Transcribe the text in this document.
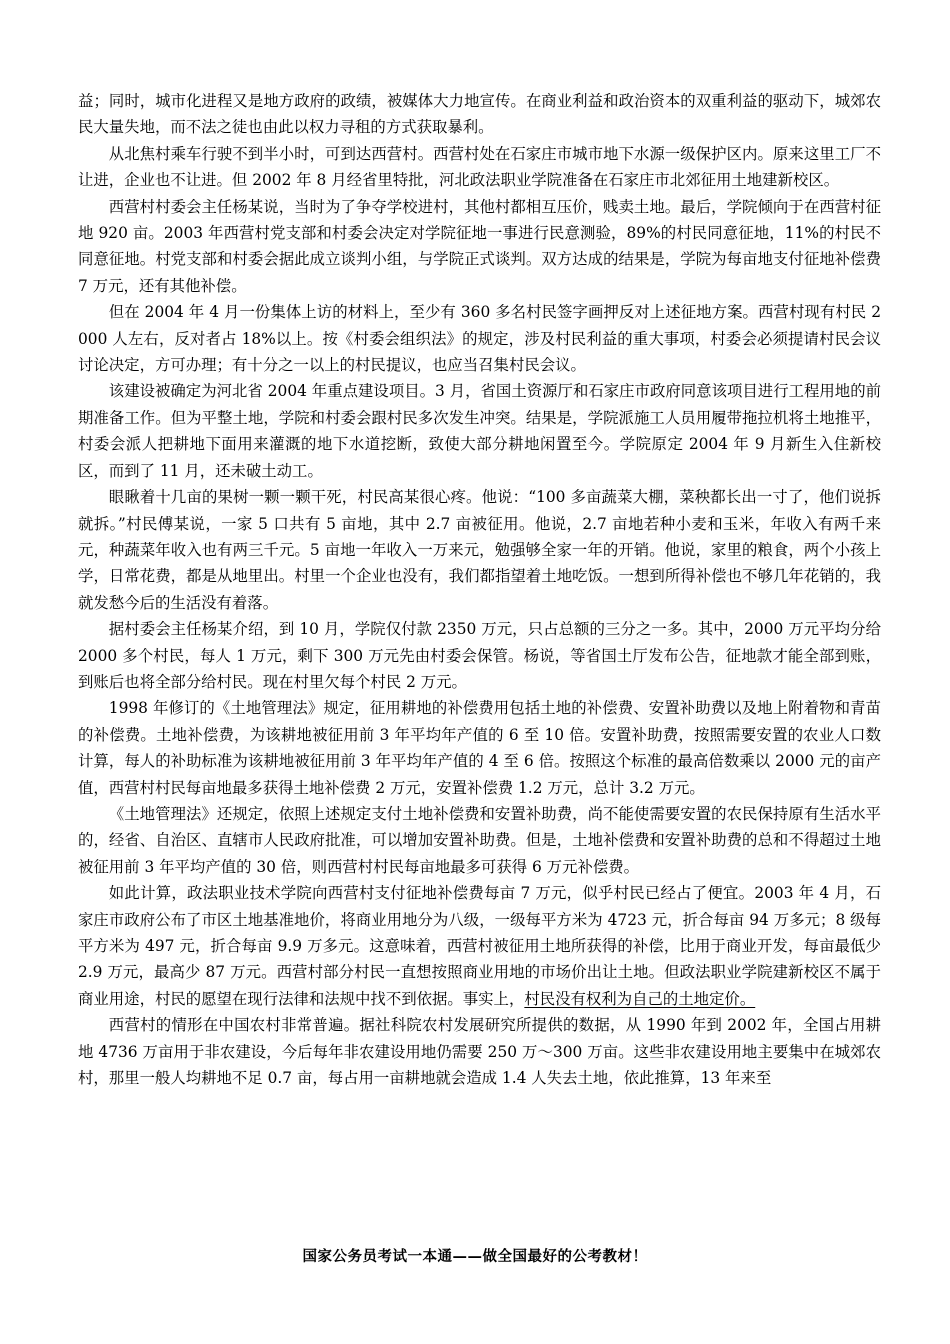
益；同时，城市化进程又是地方政府的政绩，被媒体大力地宣传。在商业利益和政治资本的双重利益的驱动下，城郊农民大量失地，而不法之徒也由此以权力寻租的方式获取暴利。

从北焦村乘车行驶不到半小时，可到达西营村。西营村处在石家庄市城市地下水源一级保护区内。原来这里工厂不让进，企业也不让进。但 2002 年 8 月经省里特批，河北政法职业学院准备在石家庄市北郊征用土地建新校区。

西营村村委会主任杨某说，当时为了争夺学校进村，其他村都相互压价，贱卖土地。最后，学院倾向于在西营村征地 920 亩。2003 年西营村党支部和村委会决定对学院征地一事进行民意测验，89%的村民同意征地，11%的村民不同意征地。村党支部和村委会据此成立谈判小组，与学院正式谈判。双方达成的结果是，学院为每亩地支付征地补偿费 7 万元，还有其他补偿。

但在 2004 年 4 月一份集体上访的材料上，至少有 360 多名村民签字画押反对上述征地方案。西营村现有村民 2000 人左右，反对者占 18%以上。按《村委会组织法》的规定，涉及村民利益的重大事项，村委会必须提请村民会议讨论决定，方可办理；有十分之一以上的村民提议，也应当召集村民会议。

该建设被确定为河北省 2004 年重点建设项目。3 月，省国土资源厅和石家庄市政府同意该项目进行工程用地的前期准备工作。但为平整土地，学院和村委会跟村民多次发生冲突。结果是，学院派施工人员用履带拖拉机将土地推平，村委会派人把耕地下面用来灌溉的地下水道挖断，致使大部分耕地闲置至今。学院原定 2004 年 9 月新生入住新校区，而到了 11 月，还未破土动工。

眼瞅着十几亩的果树一颗一颗干死，村民高某很心疼。他说：“100 多亩蔬菜大棚，菜秧都长出一寸了，他们说拆就拆。”村民傅某说，一家 5 口共有 5 亩地，其中 2.7 亩被征用。他说，2.7 亩地若种小麦和玉米，年收入有两千来元，种蔬菜年收入也有两三千元。5 亩地一年收入一万来元，勉强够全家一年的开销。他说，家里的粮食，两个小孩上学，日常花费，都是从地里出。村里一个企业也没有，我们都指望着土地吃饭。一想到所得补偿也不够几年花销的，我就发愁今后的生活没有着落。

据村委会主任杨某介绍，到 10 月，学院仅付款 2350 万元，只占总额的三分之一多。其中，2000 万元平均分给 2000 多个村民，每人 1 万元，剩下 300 万元先由村委会保管。杨说，等省国土厅发布公告，征地款才能全部到账，到账后也将全部分给村民。现在村里欠每个村民 2 万元。

1998 年修订的《土地管理法》规定，征用耕地的补偿费用包括土地的补偿费、安置补助费以及地上附着物和青苗的补偿费。土地补偿费，为该耕地被征用前 3 年平均年产值的 6 至 10 倍。安置补助费，按照需要安置的农业人口数计算，每人的补助标准为该耕地被征用前 3 年平均年产值的 4 至 6 倍。按照这个标准的最高倍数乘以 2000 元的亩产值，西营村村民每亩地最多获得土地补偿费 2 万元，安置补偿费 1.2 万元，总计 3.2 万元。

《土地管理法》还规定，依照上述规定支付土地补偿费和安置补助费，尚不能使需要安置的农民保持原有生活水平的，经省、自治区、直辖市人民政府批准，可以增加安置补助费。但是，土地补偿费和安置补助费的总和不得超过土地被征用前 3 年平均产值的 30 倍，则西营村村民每亩地最多可获得 6 万元补偿费。

如此计算，政法职业技术学院向西营村支付征地补偿费每亩 7 万元，似乎村民已经占了便宜。2003 年 4 月，石家庄市政府公布了市区土地基准地价，将商业用地分为八级，一级每平方米为 4723 元，折合每亩 94 万多元；8 级每平方米为 497 元，折合每亩 9.9 万多元。这意味着，西营村被征用土地所获得的补偿，比用于商业开发，每亩最低少 2.9 万元，最高少 87 万元。西营村部分村民一直想按照商业用地的市场价出让土地。但政法职业学院建新校区不属于商业用途，村民的愿望在现行法律和法规中找不到依据。事实上，村民没有权利为自己的土地定价。

西营村的情形在中国农村非常普遍。据社科院农村发展研究所提供的数据，从 1990 年到 2002 年，全国占用耕地 4736 万亩用于非农建设，今后每年非农建设用地仍需要 250 万～300 万亩。这些非农建设用地主要集中在城郊农村，那里一般人均耕地不足 0.7 亩，每占用一亩耕地就会造成 1.4 人失去土地，依此推算，13 年来至

国家公务员考试一本通——做全国最好的公考教材！
